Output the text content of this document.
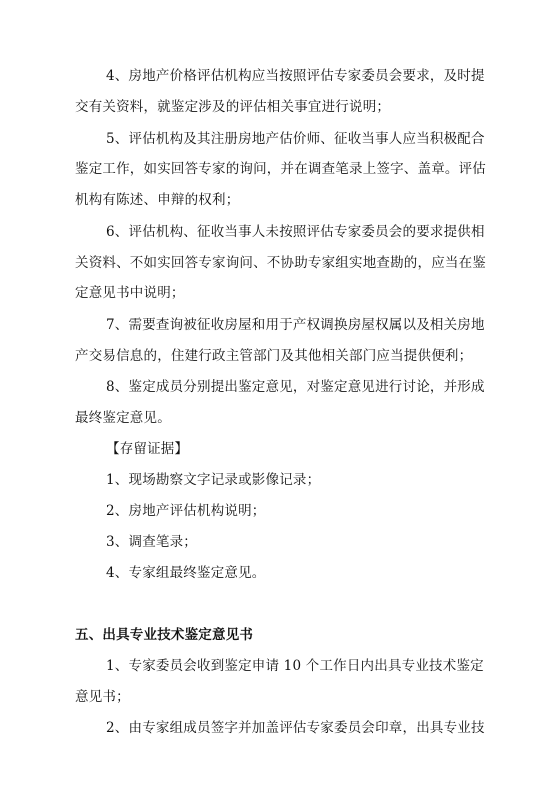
4、房地产价格评估机构应当按照评估专家委员会要求，及时提
交有关资料，就鉴定涉及的评估相关事宜进行说明；
5、评估机构及其注册房地产估价师、征收当事人应当积极配合
鉴定工作，如实回答专家的询问，并在调查笔录上签字、盖章。评估
机构有陈述、申辩的权利；
6、评估机构、征收当事人未按照评估专家委员会的要求提供相
关资料、不如实回答专家询问、不协助专家组实地查勘的，应当在鉴
定意见书中说明；
7、需要查询被征收房屋和用于产权调换房屋权属以及相关房地
产交易信息的，住建行政主管部门及其他相关部门应当提供便利；
8、鉴定成员分别提出鉴定意见，对鉴定意见进行讨论，并形成
最终鉴定意见。
【存留证据】
1、现场勘察文字记录或影像记录；
2、房地产评估机构说明；
3、调查笔录；
4、专家组最终鉴定意见。
五、出具专业技术鉴定意见书
1、专家委员会收到鉴定申请 10 个工作日内出具专业技术鉴定
意见书；
2、由专家组成员签字并加盖评估专家委员会印章，出具专业技
